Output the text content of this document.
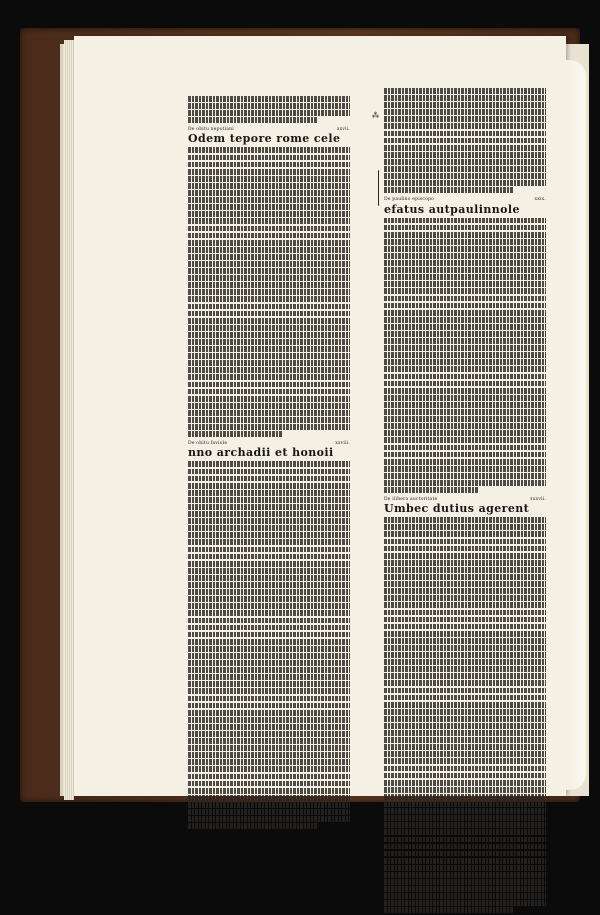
De obitu nepotiani	xxvii.
Odem tepore rome cele
De obitu faviole	xxviii.
nno archadii et honoii
⁂
De paulino episcopo	xxix.
efatus autpaulinnole
De ilibera auctoritate	xxxvii.
Umbec dutius agerent
